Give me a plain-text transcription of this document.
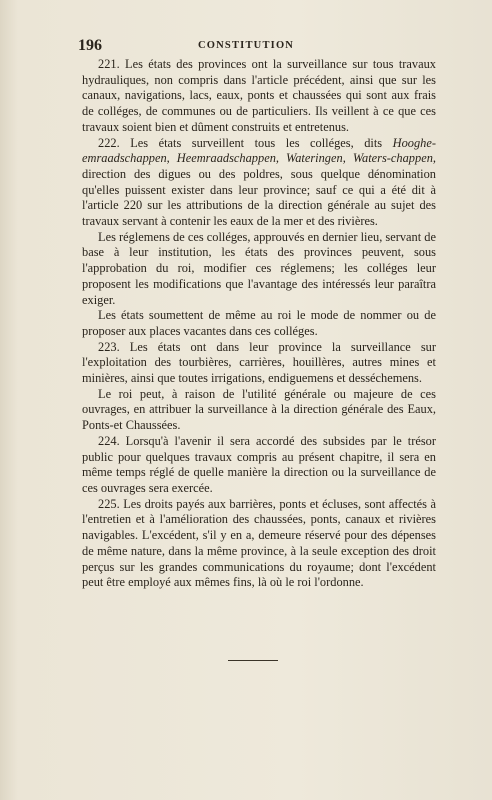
196	CONSTITUTION

221. Les états des provinces ont la surveillance sur tous travaux hydrauliques, non compris dans l'article précédent, ainsi que sur les canaux, navigations, lacs, eaux, ponts et chaussées qui sont aux frais de colléges, de communes ou de particuliers. Ils veillent à ce que ces travaux soient bien et dûment construits et entretenus.

222. Les états surveillent tous les colléges, dits Hooghe-emraadschappen, Heemraadschappen, Wateringen, Waters-chappen, direction des digues ou des poldres, sous quelque dénomination qu'elles puissent exister dans leur province; sauf ce qui a été dit à l'article 220 sur les attributions de la direction générale au sujet des travaux servant à contenir les eaux de la mer et des rivières.

Les réglemens de ces colléges, approuvés en dernier lieu, servant de base à leur institution, les états des provinces peuvent, sous l'approbation du roi, modifier ces réglemens; les colléges leur proposent les modifications que l'avantage des intéressés leur paraîtra exiger.

Les états soumettent de même au roi le mode de nommer ou de proposer aux places vacantes dans ces colléges.

223. Les états ont dans leur province la surveillance sur l'exploitation des tourbières, carrières, houillères, autres mines et minières, ainsi que toutes irrigations, endiguemens et desséchemens.

Le roi peut, à raison de l'utilité générale ou majeure de ces ouvrages, en attribuer la surveillance à la direction générale des Eaux, Ponts-et Chaussées.

224. Lorsqu'à l'avenir il sera accordé des subsides par le trésor public pour quelques travaux compris au présent chapitre, il sera en même temps réglé de quelle manière la direction ou la surveillance de ces ouvrages sera exercée.

225. Les droits payés aux barrières, ponts et écluses, sont affectés à l'entretien et à l'amélioration des chaussées, ponts, canaux et rivières navigables. L'excédent, s'il y en a, demeure réservé pour des dépenses de même nature, dans la même province, à la seule exception des droit perçus sur les grandes communications du royaume; dont l'excédent peut être employé aux mêmes fins, là où le roi l'ordonne.
